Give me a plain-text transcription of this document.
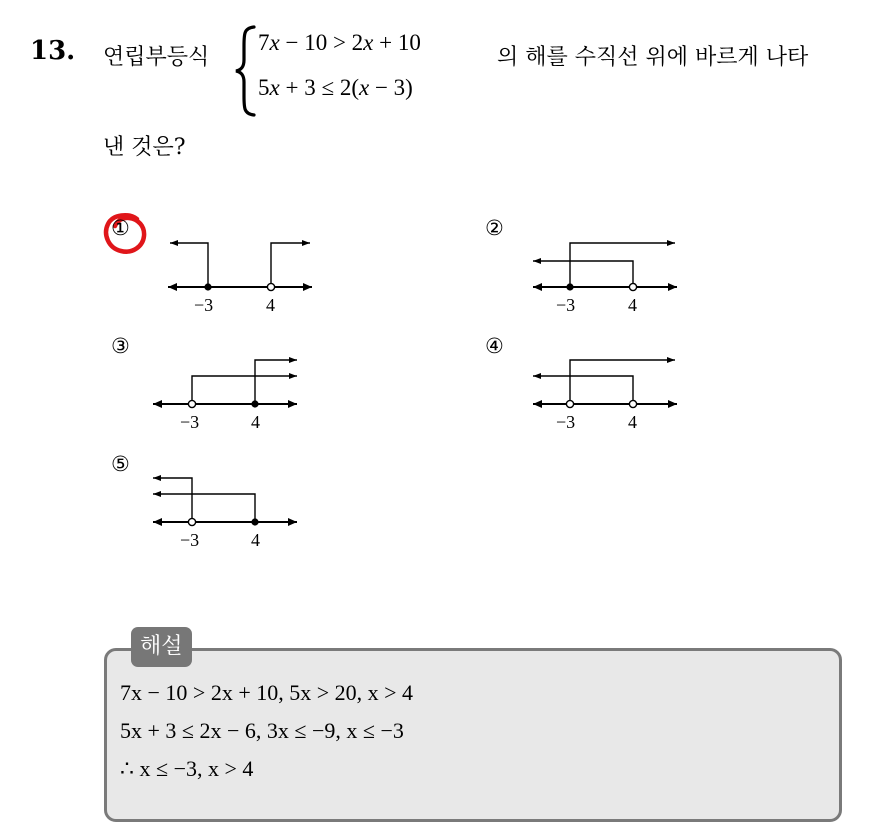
13. 연립부등식
7x − 10 > 2x + 10
5x + 3 ≤ 2(x − 3)
의 해를 수직선 위에 바르게 나타
낸 것은?
①
−3	4
②
−3	4
③
−3	4
④
−3	4
⑤
−3	4
해설
7x − 10 > 2x + 10, 5x > 20, x > 4
5x + 3 ≤ 2x − 6, 3x ≤ −9, x ≤ −3
∴ x ≤ −3, x > 4
